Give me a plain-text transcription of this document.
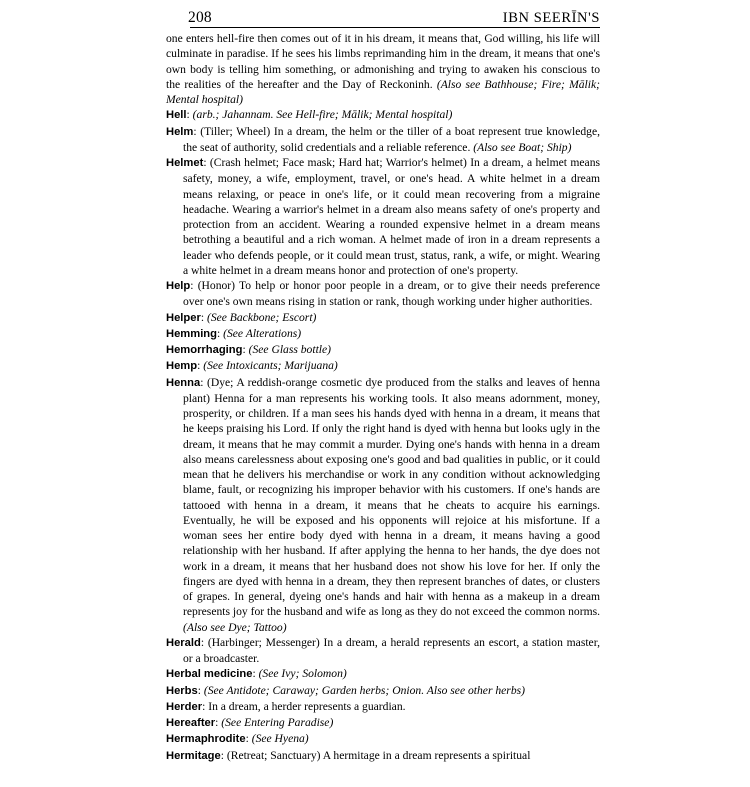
208	IBN SEERĪN'S

one enters hell-fire then comes out of it in his dream, it means that, God willing, his life will culminate in paradise. If he sees his limbs reprimanding him in the dream, it means that one's own body is telling him something, or admonishing and trying to awaken his conscious to the realities of the hereafter and the Day of Reckoninh. (Also see Bathhouse; Fire; Mālik; Mental hospital)

Hell: (arb.; Jahannam. See Hell-fire; Mālik; Mental hospital)

Helm: (Tiller; Wheel) In a dream, the helm or the tiller of a boat represent true knowledge, the seat of authority, solid credentials and a reliable reference. (Also see Boat; Ship)

Helmet: (Crash helmet; Face mask; Hard hat; Warrior's helmet) In a dream, a helmet means safety, money, a wife, employment, travel, or one's head. A white helmet in a dream means relaxing, or peace in one's life, or it could mean recovering from a migraine headache. Wearing a warrior's helmet in a dream also means safety of one's property and protection from an accident. Wearing a rounded expensive helmet in a dream means betrothing a beautiful and a rich woman. A helmet made of iron in a dream represents a leader who defends people, or it could mean trust, status, rank, a wife, or might. Wearing a white helmet in a dream means honor and protection of one's property.

Help: (Honor) To help or honor poor people in a dream, or to give their needs preference over one's own means rising in station or rank, though working under higher authorities.

Helper: (See Backbone; Escort)

Hemming: (See Alterations)

Hemorrhaging: (See Glass bottle)

Hemp: (See Intoxicants; Marijuana)

Henna: (Dye; A reddish-orange cosmetic dye produced from the stalks and leaves of henna plant) Henna for a man represents his working tools. It also means adornment, money, prosperity, or children. If a man sees his hands dyed with henna in a dream, it means that he keeps praising his Lord. If only the right hand is dyed with henna but looks ugly in the dream, it means that he may commit a murder. Dying one's hands with henna in a dream also means carelessness about exposing one's good and bad qualities in public, or it could mean that he delivers his merchandise or work in any condition without acknowledging blame, fault, or recognizing his improper behavior with his customers. If one's hands are tattooed with henna in a dream, it means that he cheats to acquire his earnings. Eventually, he will be exposed and his opponents will rejoice at his misfortune. If a woman sees her entire body dyed with henna in a dream, it means having a good relationship with her husband. If after applying the henna to her hands, the dye does not work in a dream, it means that her husband does not show his love for her. If only the fingers are dyed with henna in a dream, they then represent branches of dates, or clusters of grapes. In general, dyeing one's hands and hair with henna as a makeup in a dream represents joy for the husband and wife as long as they do not exceed the common norms. (Also see Dye; Tattoo)

Herald: (Harbinger; Messenger) In a dream, a herald represents an escort, a station master, or a broadcaster.

Herbal medicine: (See Ivy; Solomon)

Herbs: (See Antidote; Caraway; Garden herbs; Onion. Also see other herbs)

Herder: In a dream, a herder represents a guardian.

Hereafter: (See Entering Paradise)

Hermaphrodite: (See Hyena)

Hermitage: (Retreat; Sanctuary) A hermitage in a dream represents a spiritual
